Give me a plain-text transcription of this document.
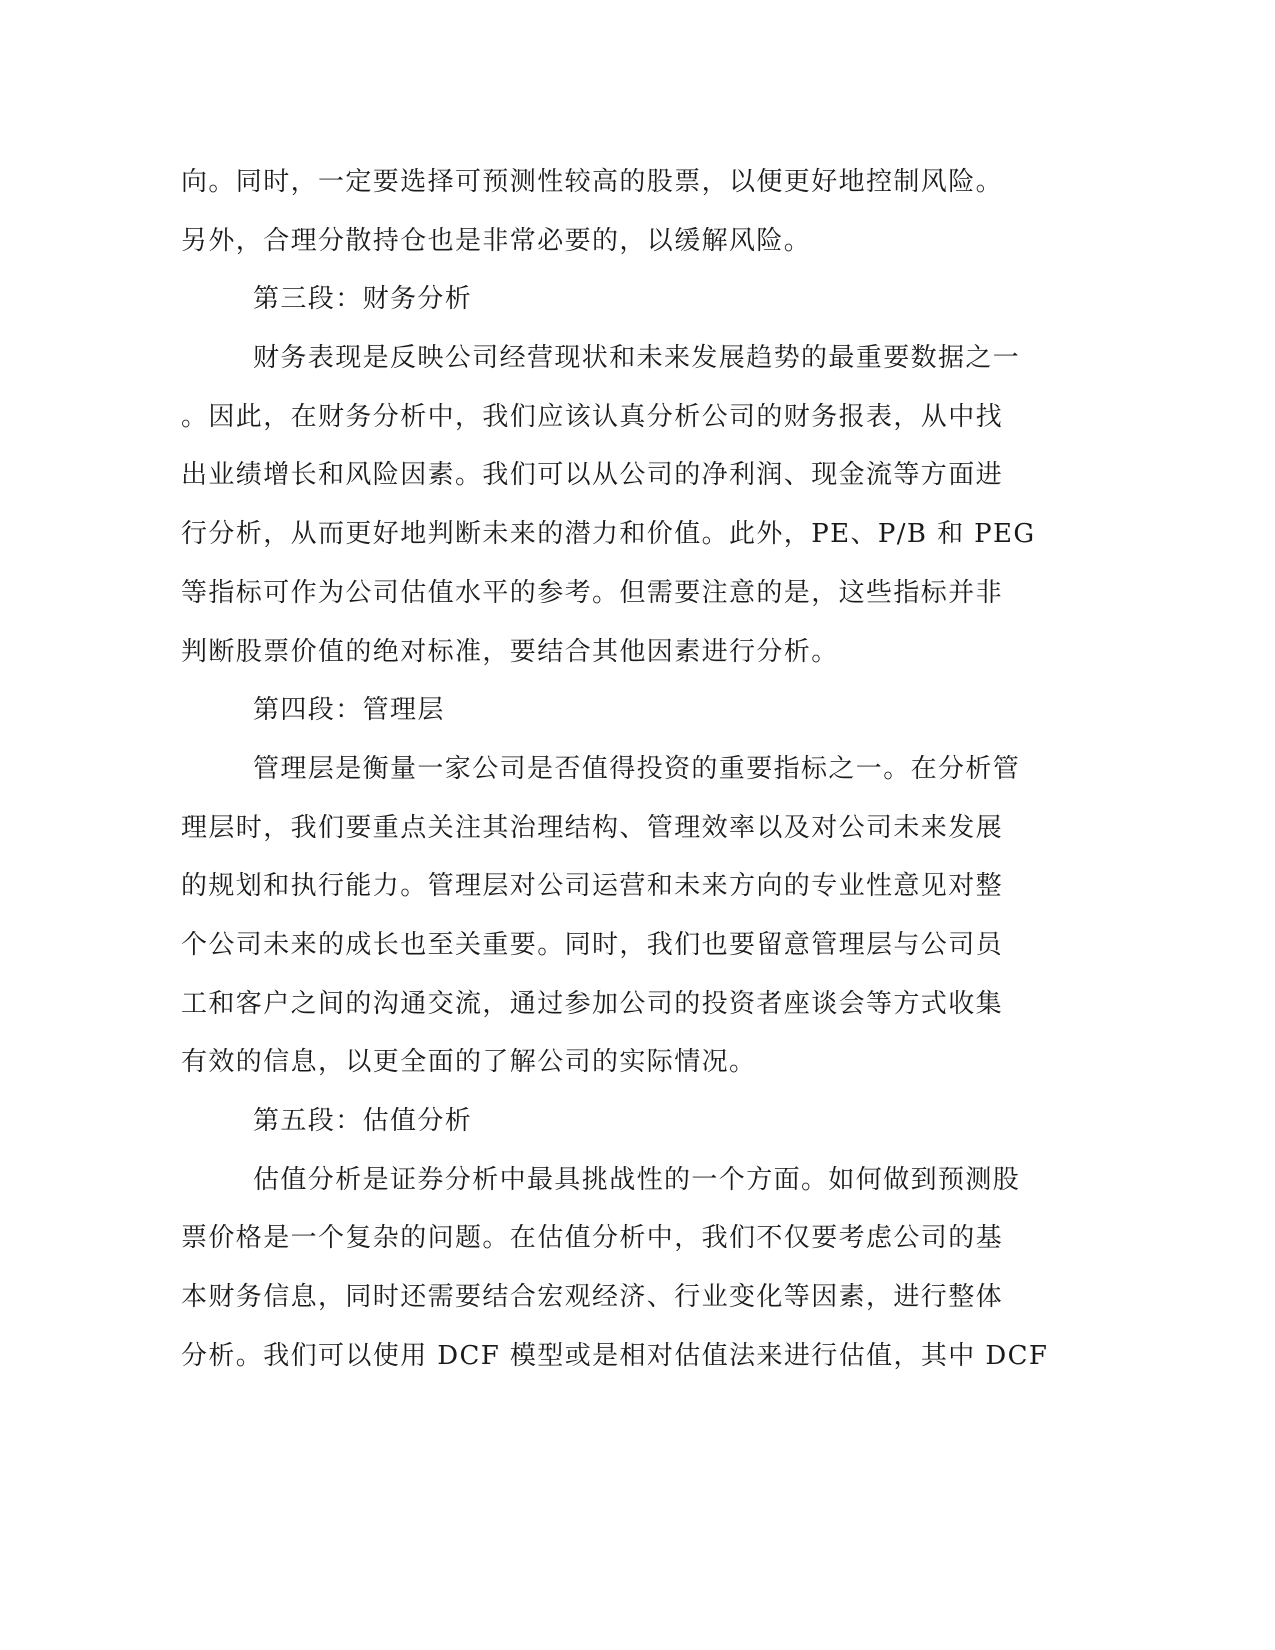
向。同时，一定要选择可预测性较高的股票，以便更好地控制风险。
另外，合理分散持仓也是非常必要的，以缓解风险。
第三段：财务分析
财务表现是反映公司经营现状和未来发展趋势的最重要数据之一
。因此，在财务分析中，我们应该认真分析公司的财务报表，从中找
出业绩增长和风险因素。我们可以从公司的净利润、现金流等方面进
行分析，从而更好地判断未来的潜力和价值。此外，PE、P/B 和 PEG
等指标可作为公司估值水平的参考。但需要注意的是，这些指标并非
判断股票价值的绝对标准，要结合其他因素进行分析。
第四段：管理层
管理层是衡量一家公司是否值得投资的重要指标之一。在分析管
理层时，我们要重点关注其治理结构、管理效率以及对公司未来发展
的规划和执行能力。管理层对公司运营和未来方向的专业性意见对整
个公司未来的成长也至关重要。同时，我们也要留意管理层与公司员
工和客户之间的沟通交流，通过参加公司的投资者座谈会等方式收集
有效的信息，以更全面的了解公司的实际情况。
第五段：估值分析
估值分析是证券分析中最具挑战性的一个方面。如何做到预测股
票价格是一个复杂的问题。在估值分析中，我们不仅要考虑公司的基
本财务信息，同时还需要结合宏观经济、行业变化等因素，进行整体
分析。我们可以使用 DCF 模型或是相对估值法来进行估值，其中 DCF
